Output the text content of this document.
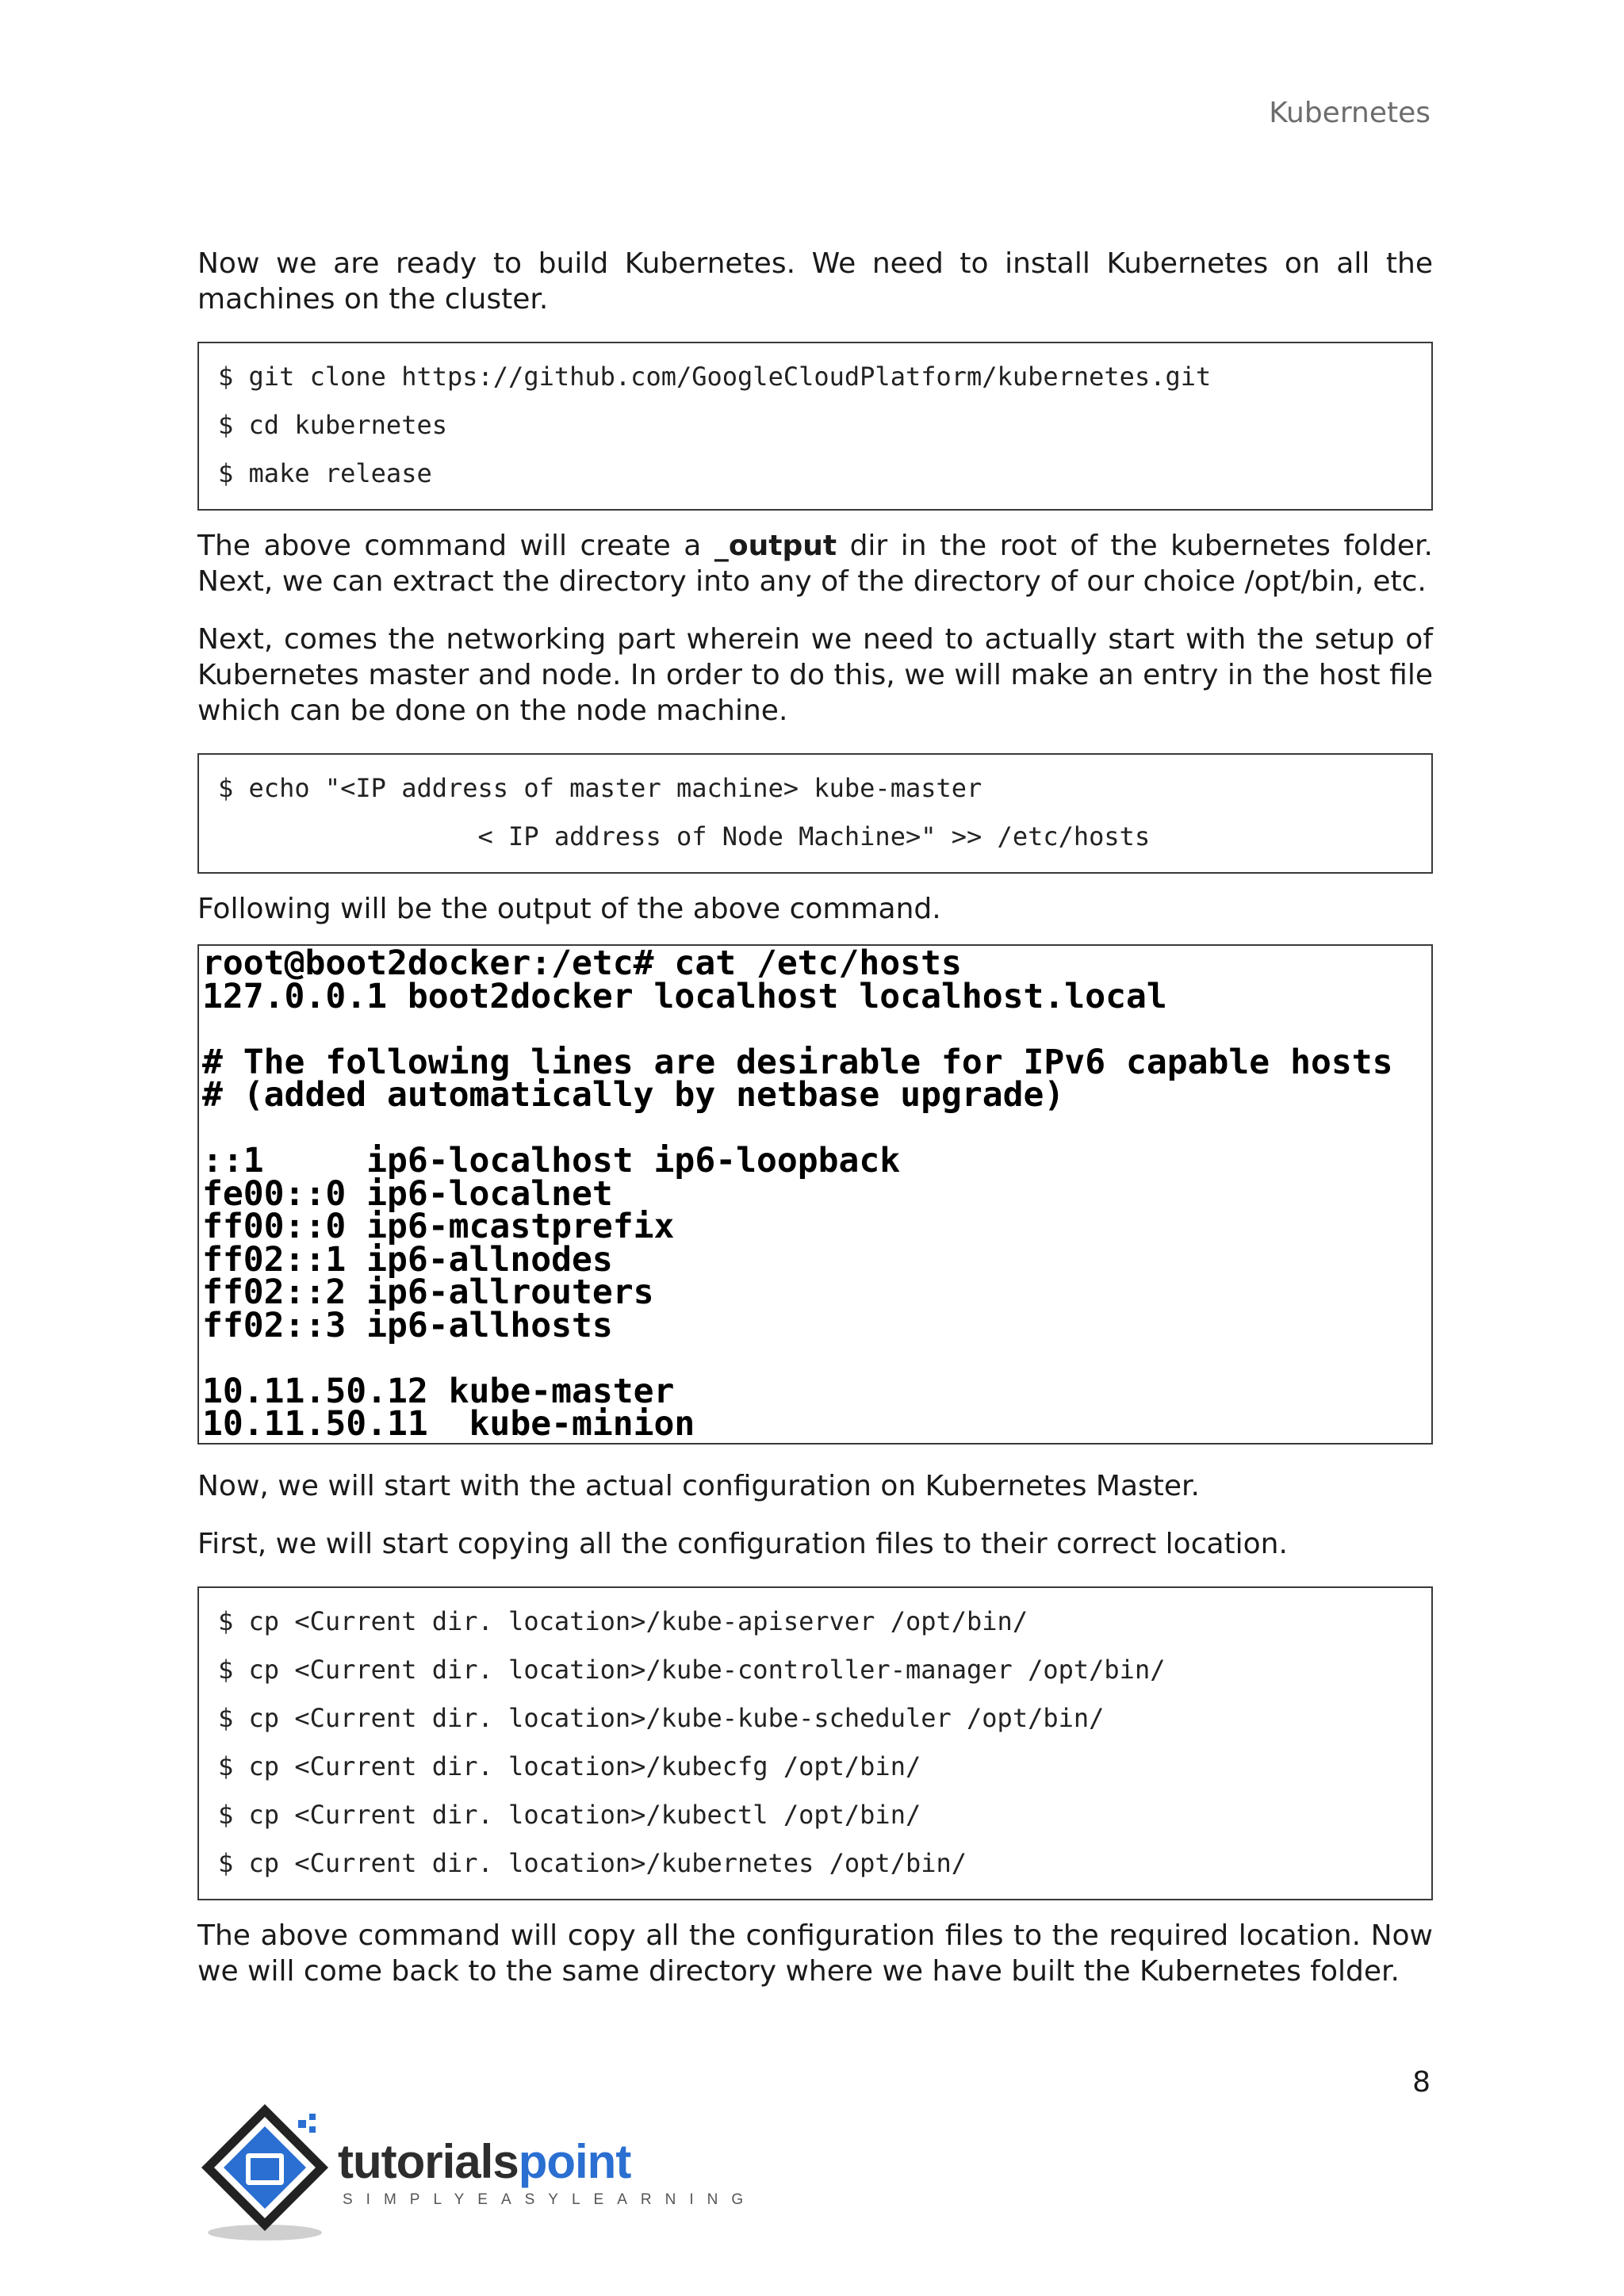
Kubernetes

Now we are ready to build Kubernetes. We need to install Kubernetes on all the machines on the cluster.

$ git clone https://github.com/GoogleCloudPlatform/kubernetes.git
$ cd kubernetes
$ make release

The above command will create a _output dir in the root of the kubernetes folder. Next, we can extract the directory into any of the directory of our choice /opt/bin, etc.

Next, comes the networking part wherein we need to actually start with the setup of Kubernetes master and node. In order to do this, we will make an entry in the host file which can be done on the node machine.

$ echo "<IP address of master machine> kube-master
< IP address of Node Machine>" >> /etc/hosts

Following will be the output of the above command.

root@boot2docker:/etc# cat /etc/hosts
127.0.0.1 boot2docker localhost localhost.local
# The following lines are desirable for IPv6 capable hosts
# (added automatically by netbase upgrade)
::1     ip6-localhost ip6-loopback
fe00::0 ip6-localnet
ff00::0 ip6-mcastprefix
ff02::1 ip6-allnodes
ff02::2 ip6-allrouters
ff02::3 ip6-allhosts
10.11.50.12 kube-master
10.11.50.11  kube-minion

Now, we will start with the actual configuration on Kubernetes Master.

First, we will start copying all the configuration files to their correct location.

$ cp <Current dir. location>/kube-apiserver /opt/bin/
$ cp <Current dir. location>/kube-controller-manager /opt/bin/
$ cp <Current dir. location>/kube-kube-scheduler /opt/bin/
$ cp <Current dir. location>/kubecfg /opt/bin/
$ cp <Current dir. location>/kubectl /opt/bin/
$ cp <Current dir. location>/kubernetes /opt/bin/

The above command will copy all the configuration files to the required location. Now we will come back to the same directory where we have built the Kubernetes folder.

8
tutorialspoint
SIMPLYEASYLEARNING
